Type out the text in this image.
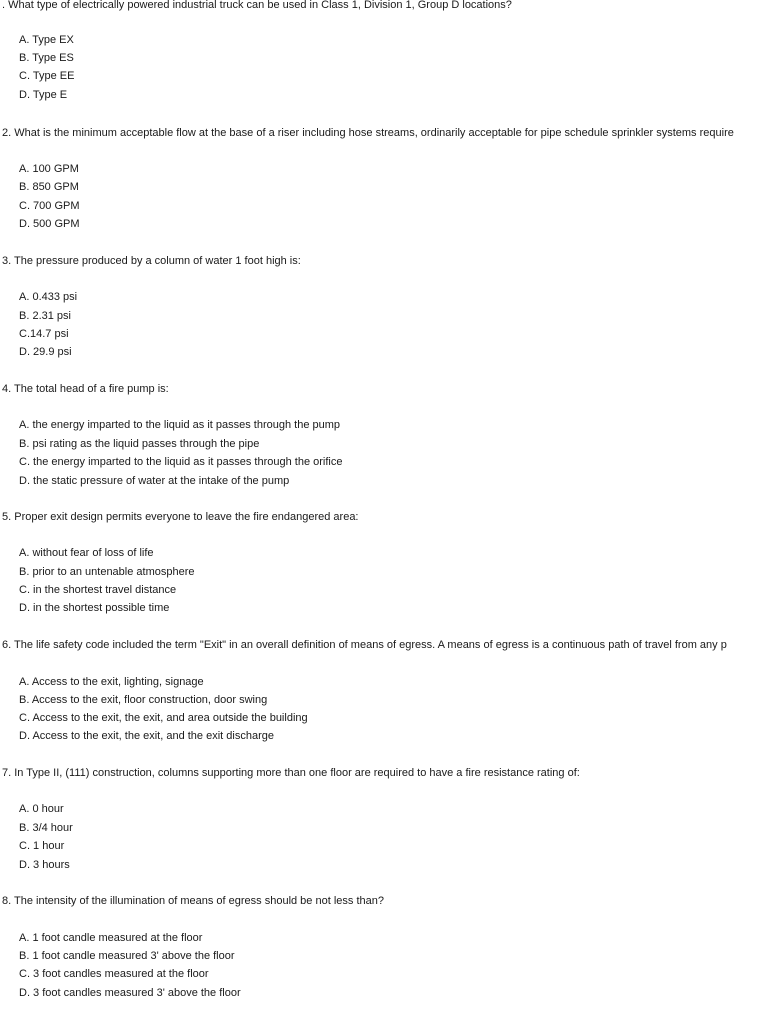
. What type of electrically powered industrial truck can be used in Class 1, Division 1, Group D locations?
A. Type EX
B. Type ES
C. Type EE
D. Type E
2. What is the minimum acceptable flow at the base of a riser including hose streams, ordinarily acceptable for pipe schedule sprinkler systems require
A. 100 GPM
B. 850 GPM
C. 700 GPM
D. 500 GPM
3. The pressure produced by a column of water 1 foot high is:
A. 0.433 psi
B. 2.31 psi
C.14.7 psi
D. 29.9 psi
4. The total head of a fire pump is:
A. the energy imparted to the liquid as it passes through the pump
B. psi rating as the liquid passes through the pipe
C. the energy imparted to the liquid as it passes through the orifice
D. the static pressure of water at the intake of the pump
5. Proper exit design permits everyone to leave the fire endangered area:
A. without fear of loss of life
B. prior to an untenable atmosphere
C. in the shortest travel distance
D. in the shortest possible time
6. The life safety code included the term "Exit" in an overall definition of means of egress. A means of egress is a continuous path of travel from any p
A. Access to the exit, lighting, signage
B. Access to the exit, floor construction, door swing
C. Access to the exit, the exit, and area outside the building
D. Access to the exit, the exit, and the exit discharge
7. In Type II, (111) construction, columns supporting more than one floor are required to have a fire resistance rating of:
A. 0 hour
B. 3/4 hour
C. 1 hour
D. 3 hours
8. The intensity of the illumination of means of egress should be not less than?
A. 1 foot candle measured at the floor
B. 1 foot candle measured 3' above the floor
C. 3 foot candles measured at the floor
D. 3 foot candles measured 3' above the floor
